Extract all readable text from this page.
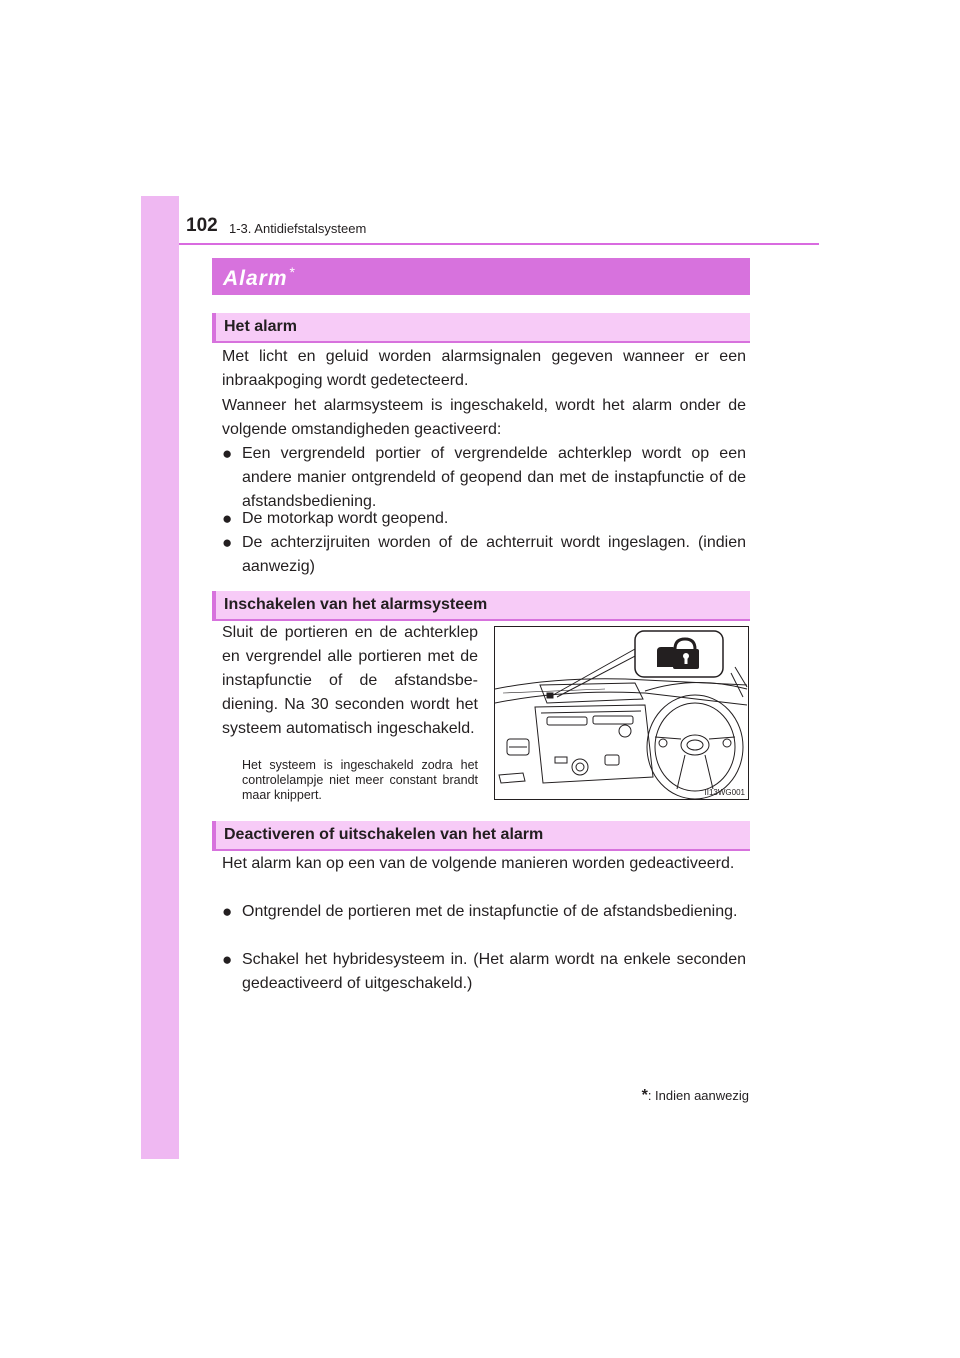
102 1-3. Antidiefstalsysteem
Alarm *
Het alarm
Met licht en geluid worden alarmsignalen gegeven wanneer er een inbraakpoging wordt gedetecteerd.
Wanneer het alarmsysteem is ingeschakeld, wordt het alarm onder de volgende omstandigheden geactiveerd:
● Een vergrendeld portier of vergrendelde achterklep wordt op een andere manier ontgrendeld of geopend dan met de instapfunctie of de afstandsbediening.
● De motorkap wordt geopend.
● De achterzijruiten worden of de achterruit wordt ingeslagen. (indien aanwezig)
Inschakelen van het alarmsysteem
Sluit de portieren en de achterklep en vergrendel alle portieren met de instapfunctie of de afstandsbediening. Na 30 seconden wordt het systeem automatisch ingeschakeld.
Het systeem is ingeschakeld zodra het controlelampje niet meer constant brandt maar knippert.	II13WG001
Deactiveren of uitschakelen van het alarm
Het alarm kan op een van de volgende manieren worden gedeactiveerd.
● Ontgrendel de portieren met de instapfunctie of de afstandsbediening.
● Schakel het hybridesysteem in. (Het alarm wordt na enkele seconden gedeactiveerd of uitgeschakeld.)
*: Indien aanwezig
